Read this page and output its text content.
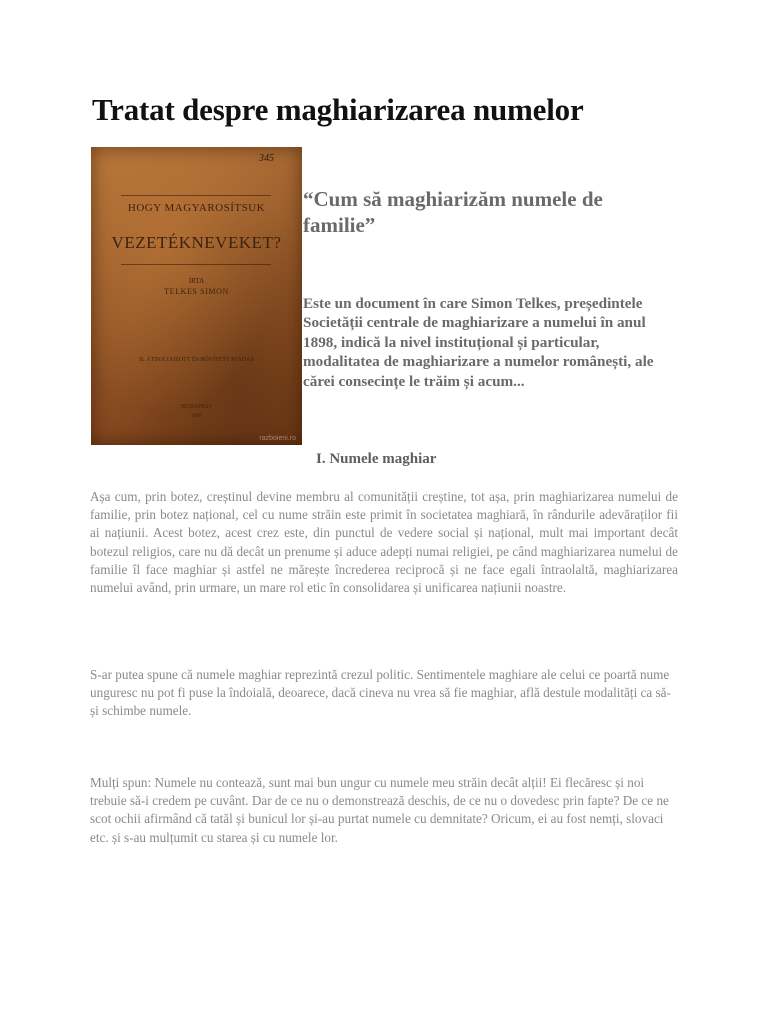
Tratat despre maghiarizarea numelor
345
HOGY MAGYAROSÍTSUK
VEZETÉKNEVEKET?
IRTA
TELKES SIMON
II. ÁTDOLGOZOTT ÉS BŐVÍTETT KIADÁS
BUDAPEST
1898
razboieni.ro

“Cum să maghiarizăm numele de familie”

Este un document în care Simon Telkes, președintele Societății centrale de maghiarizare a numelui în anul 1898, indică la nivel instituțional și particular, modalitatea de maghiarizare a numelor românești, ale cărei consecințe le trăim și acum...

I. Numele maghiar

Așa cum, prin botez, creștinul devine membru al comunității creștine, tot așa, prin maghiarizarea numelui de familie, prin botez național, cel cu nume străin este primit în societatea maghiară, în rândurile adevăraților fii ai națiunii. Acest botez, acest crez este, din punctul de vedere social și național, mult mai important decât botezul religios, care nu dă decât un prenume și aduce adepți numai religiei, pe când maghiarizarea numelui de familie îl face maghiar și astfel ne mărește încrederea reciprocă și ne face egali întraolaltă, maghiarizarea numelui având, prin urmare, un mare rol etic în consolidarea și unificarea națiunii noastre.

S-ar putea spune că numele maghiar reprezintă crezul politic. Sentimentele maghiare ale celui ce poartă nume unguresc nu pot fi puse la îndoială, deoarece, dacă cineva nu vrea să fie maghiar, află destule modalități ca să-și schimbe numele.

Mulți spun: Numele nu contează, sunt mai bun ungur cu numele meu străin decât alții! Ei flecăresc și noi trebuie să-i credem pe cuvânt. Dar de ce nu o demonstrează deschis, de ce nu o dovedesc prin fapte? De ce ne scot ochii afirmând că tatăl și bunicul lor și-au purtat numele cu demnitate? Oricum, ei au fost nemți, slovaci etc. și s-au mulțumit cu starea și cu numele lor.
